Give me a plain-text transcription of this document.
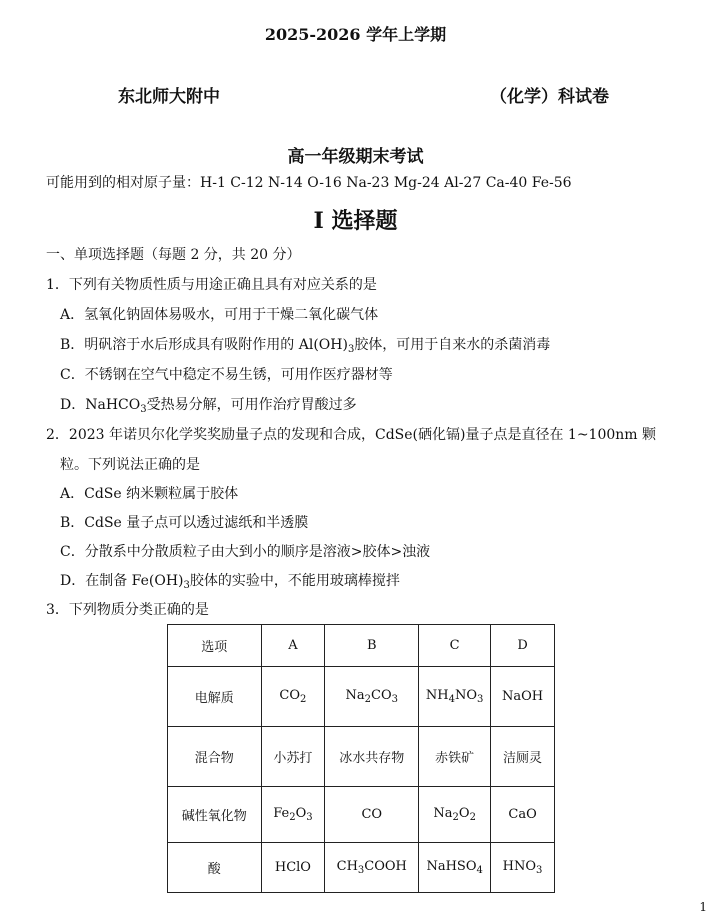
2025-2026 学年上学期
东北师大附中	（化学）科试卷
高一年级期末考试
可能用到的相对原子量：H-1 C-12 N-14 O-16 Na-23 Mg-24 Al-27 Ca-40 Fe-56
I 选择题
一、单项选择题（每题 2 分，共 20 分）
1．下列有关物质性质与用途正确且具有对应关系的是
A．氢氧化钠固体易吸水，可用于干燥二氧化碳气体
B．明矾溶于水后形成具有吸附作用的 $Al(OH)_3$胶体，可用于自来水的杀菌消毒
C．不锈钢在空气中稳定不易生锈，可用作医疗器材等
D．NaHCO$_3$受热易分解，可用作治疗胃酸过多
2．2023 年诺贝尔化学奖奖励量子点的发现和合成，CdSe(硒化镉)量子点是直径在 1~100nm 颗
粒。下列说法正确的是
A．CdSe 纳米颗粒属于胶体
B．CdSe 量子点可以透过滤纸和半透膜
C．分散系中分散质粒子由大到小的顺序是溶液>胶体>浊液
D．在制备 $Fe(OH)_3$胶体的实验中，不能用玻璃棒搅拌
3．下列物质分类正确的是
选项	A	B	C	D
电解质	$CO_2$	$Na_2CO_3$	$NH_4NO_3$	NaOH
混合物	小苏打	冰水共存物	赤铁矿	洁厕灵
碱性氧化物	$Fe_2O_3$	CO	$Na_2O_2$	CaO
酸	HClO	$CH_3COOH$	NaHSO$_4$	$HNO_3$
1
